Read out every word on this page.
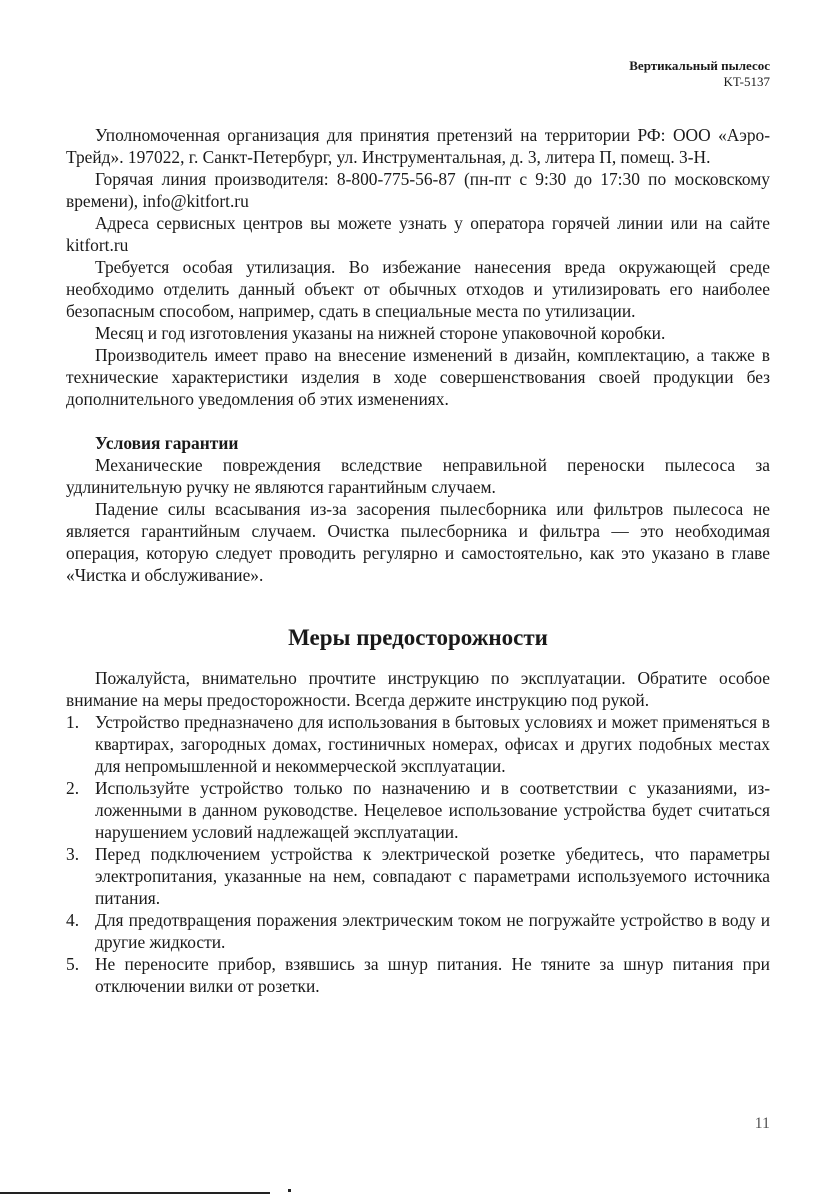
Вертикальный пылесос
KT-5137

Уполномоченная организация для принятия претензий на территории РФ: ООО «Аэро-Трейд». 197022, г. Санкт-Петербург, ул. Инструментальная, д. 3, литера П, помещ. 3-Н.

Горячая линия производителя: 8-800-775-56-87 (пн-пт с 9:30 до 17:30 по московскому времени), info@kitfort.ru

Адреса сервисных центров вы можете узнать у оператора горячей линии или на сайте kitfort.ru

Требуется особая утилизация. Во избежание нанесения вреда окружающей среде необходимо отделить данный объект от обычных отходов и утилизировать его наиболее безопасным способом, например, сдать в специальные места по утилизации.

Месяц и год изготовления указаны на нижней стороне упаковочной коробки.

Производитель имеет право на внесение изменений в дизайн, комплектацию, а также в технические характеристики изделия в ходе совершенствования своей продукции без дополнительного уведомления об этих изменениях.

Условия гарантии

Механические повреждения вследствие неправильной переноски пылесоса за удлинительную ручку не являются гарантийным случаем.

Падение силы всасывания из-за засорения пылесборника или фильтров пылесоса не является гарантийным случаем. Очистка пылесборника и фильтра — это необходимая операция, которую следует проводить регулярно и самостоятельно, как это указано в главе «Чистка и обслуживание».

Меры предосторожности

Пожалуйста, внимательно прочтите инструкцию по эксплуатации. Обратите особое внимание на меры предосторожности. Всегда держите инструкцию под рукой.

1. Устройство предназначено для использования в бытовых условиях и может применяться в квартирах, загородных домах, гостиничных номерах, офисах и других подобных местах для непромышленной и некоммерческой эксплуатации.
2. Используйте устройство только по назначению и в соответствии с указаниями, изложенными в данном руководстве. Нецелевое использование устройства будет считаться нарушением условий надлежащей эксплуатации.
3. Перед подключением устройства к электрической розетке убедитесь, что параметры электропитания, указанные на нем, совпадают с параметрами используемого источника питания.
4. Для предотвращения поражения электрическим током не погружайте устройство в воду и другие жидкости.
5. Не переносите прибор, взявшись за шнур питания. Не тяните за шнур питания при отключении вилки от розетки.
11
